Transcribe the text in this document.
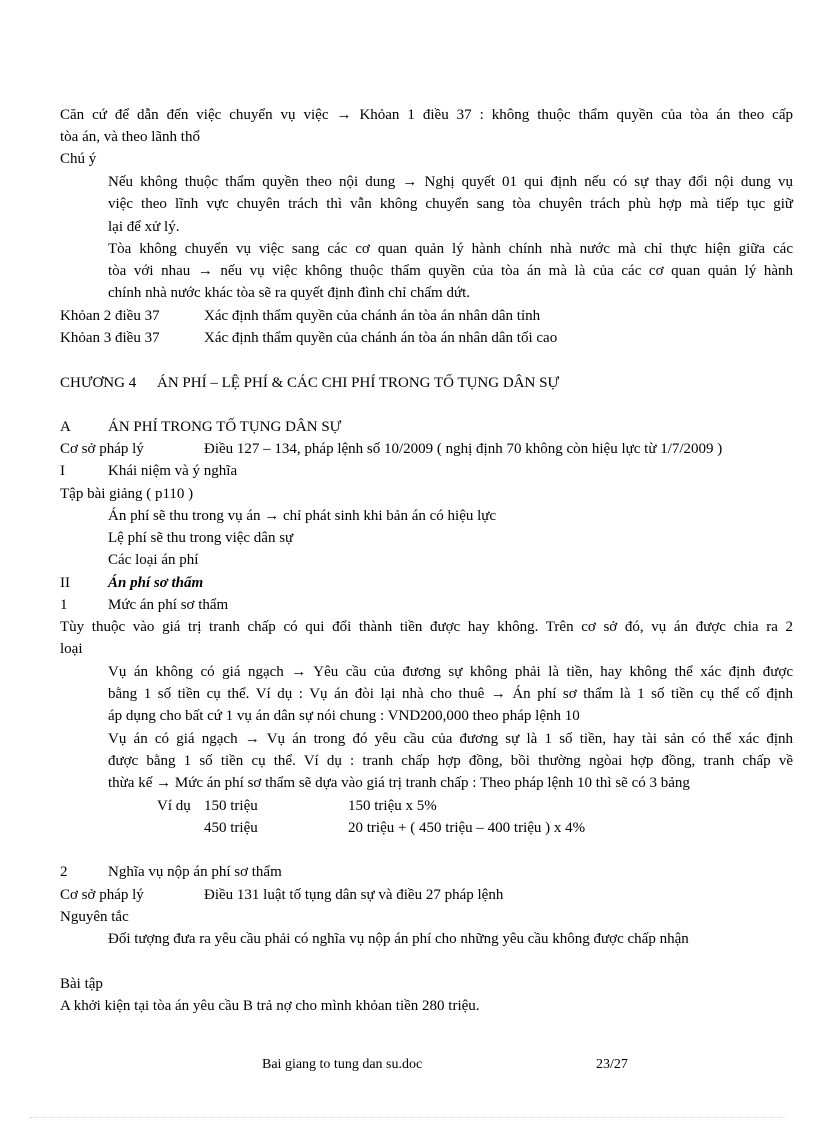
Căn cứ để dẫn đến việc chuyển vụ việc → Khỏan 1 điều 37 : không thuộc thẩm quyền của tòa án theo cấp
tòa án, và theo lãnh thổ
Chú ý
Nếu không thuộc thẩm quyền theo nội dung → Nghị quyết 01 qui định nếu có sự thay đổi nội dung vụ
việc theo lĩnh vực chuyên trách thì vẫn không chuyển sang tòa chuyên trách phù hợp mà tiếp tục giữ
lại để xử lý.
Tòa không chuyển vụ việc sang các cơ quan quản lý hành chính nhà nước mà chỉ thực hiện giữa các
tòa với nhau → nếu vụ việc không thuộc thẩm quyền của tòa án mà là của các cơ quan quản lý hành
chính nhà nước khác tòa sẽ ra quyết định đình chỉ chấm dứt.
Khỏan 2 điều 37	Xác định thẩm quyền của chánh án tòa án nhân dân tỉnh
Khỏan 3 điều 37	Xác định thẩm quyền của chánh án tòa án nhân dân tối cao
CHƯƠNG 4 ÁN PHÍ – LỆ PHÍ & CÁC CHI PHÍ TRONG TỐ TỤNG DÂN SỰ
A ÁN PHÍ TRONG TỐ TỤNG DÂN SỰ
Cơ sở pháp lý	Điều 127 – 134, pháp lệnh số 10/2009 ( nghị định 70 không còn hiệu lực từ 1/7/2009 )
I	Khái niệm và ý nghĩa
Tập bài giảng ( p110 )
Án phí sẽ thu trong vụ án → chỉ phát sinh khi bản án có hiệu lực
Lệ phí sẽ thu trong việc dân sự
Các loại án phí
II	Án phí sơ thẩm
1	Mức án phí sơ thẩm
Tùy thuộc vào giá trị tranh chấp có qui đổi thành tiền được hay không. Trên cơ sở đó, vụ án được chia ra 2
loại
Vụ án không có giá ngạch → Yêu cầu của đương sự không phải là tiền, hay không thể xác định được
bằng 1 số tiền cụ thể. Ví dụ : Vụ án đòi lại nhà cho thuê → Án phí sơ thẩm là 1 số tiền cụ thể cố định
áp dụng cho bất cứ 1 vụ án dân sự nói chung : VND200,000 theo pháp lệnh 10
Vụ án có giá ngạch → Vụ án trong đó yêu cầu của đương sự là 1 số tiền, hay tài sản có thể xác định
được bằng 1 số tiền cụ thể. Ví dụ : tranh chấp hợp đồng, bồi thường ngòai hợp đồng, tranh chấp về
thừa kế → Mức án phí sơ thẩm sẽ dựa vào giá trị tranh chấp : Theo pháp lệnh 10 thì sẽ có 3 bảng
Ví dụ 150 triệu	150 triệu x 5%
450 triệu	20 triệu + ( 450 triệu – 400 triệu ) x 4%
2	Nghĩa vụ nộp án phí sơ thẩm
Cơ sở pháp lý	Điều 131 luật tố tụng dân sự và điều 27 pháp lệnh
Nguyên tắc
Đối tượng đưa ra yêu cầu phải có nghĩa vụ nộp án phí cho những yêu cầu không được chấp nhận
Bài tập
A khởi kiện tại tòa án yêu cầu B trả nợ cho mình khỏan tiền 280 triệu.
Bai giang to tung dan su.doc	23/27
